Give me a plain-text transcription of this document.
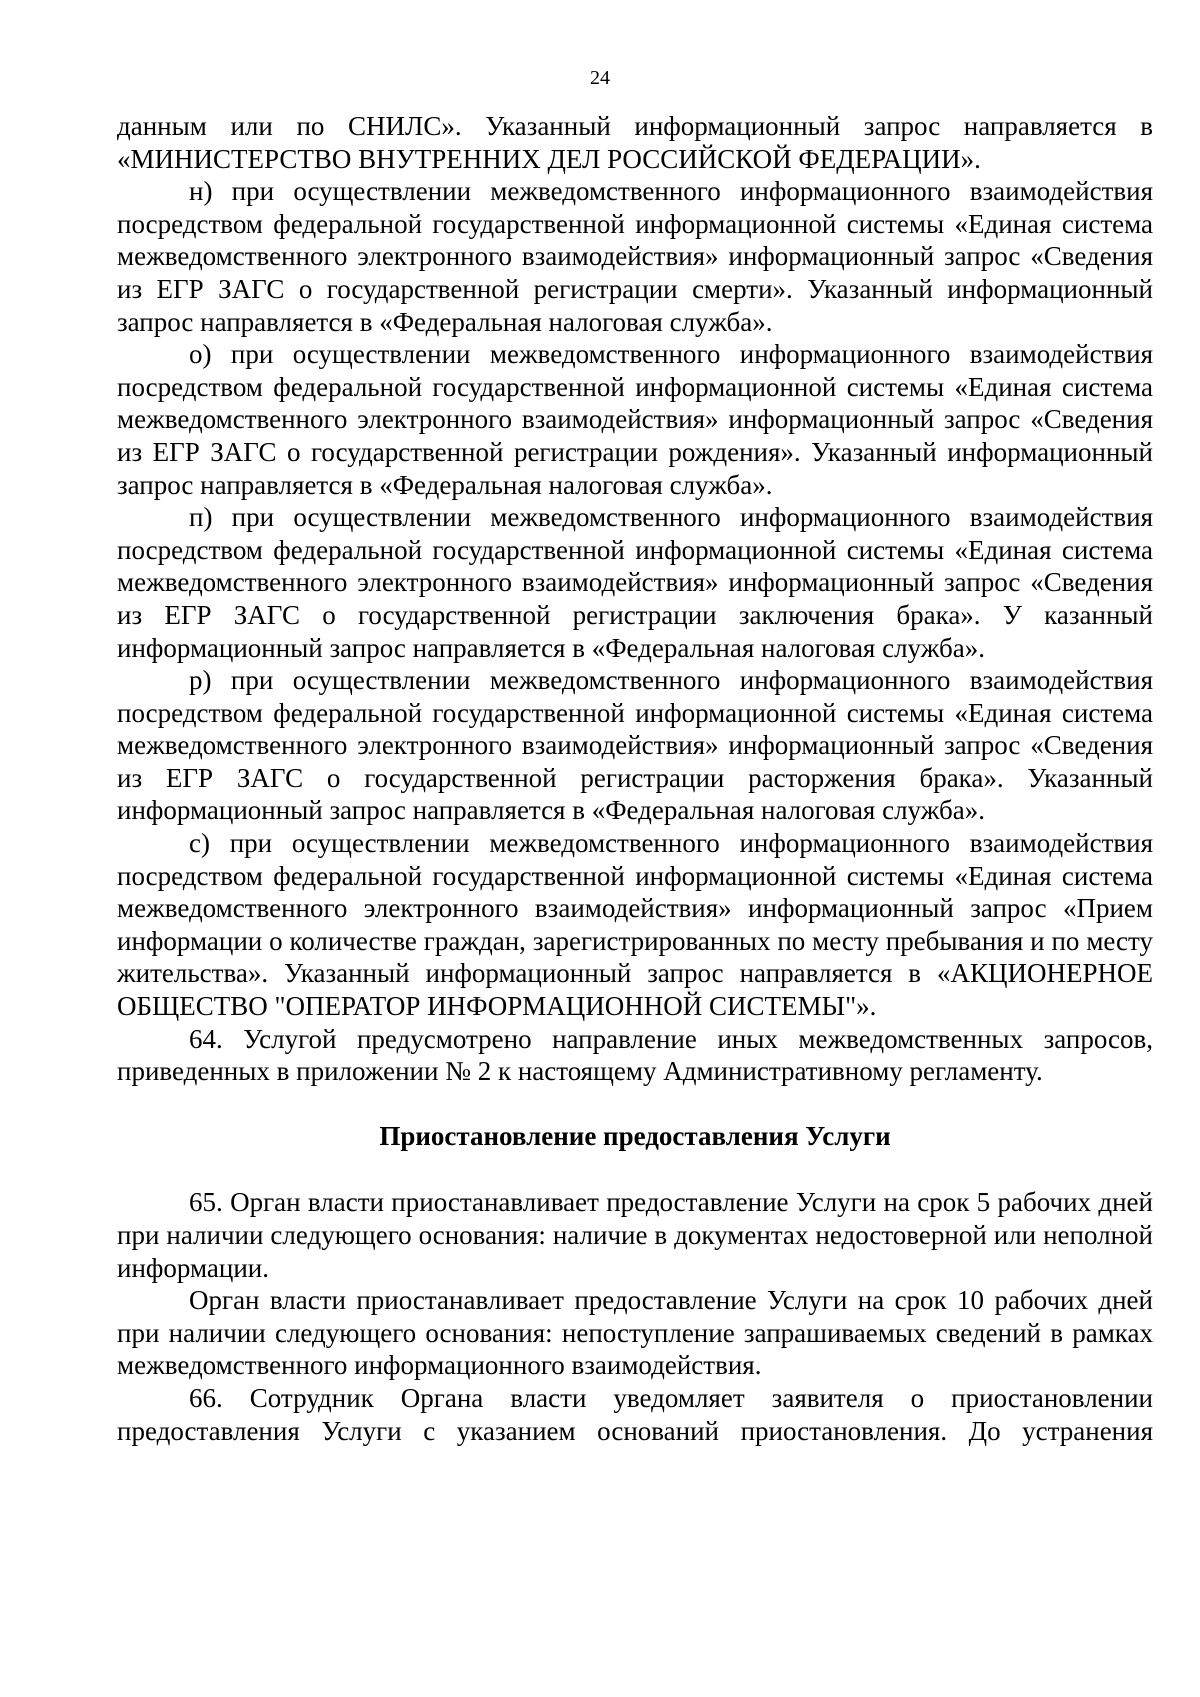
24

данным или по СНИЛС». Указанный информационный запрос направляется в «МИНИСТЕРСТВО ВНУТРЕННИХ ДЕЛ РОССИЙСКОЙ ФЕДЕРАЦИИ».

н) при осуществлении межведомственного информационного взаимодействия посредством федеральной государственной информационной системы «Единая система межведомственного электронного взаимодействия» информационный запрос «Сведения из ЕГР ЗАГС о государственной регистрации смерти». Указанный информационный запрос направляется в «Федеральная налоговая служба».

о) при осуществлении межведомственного информационного взаимодействия посредством федеральной государственной информационной системы «Единая система межведомственного электронного взаимодействия» информационный запрос «Сведения из ЕГР ЗАГС о государственной регистрации рождения». Указанный информационный запрос направляется в «Федеральная налоговая служба».

п) при осуществлении межведомственного информационного взаимодействия посредством федеральной государственной информационной системы «Единая система межведомственного электронного взаимодействия» информационный запрос «Сведения из ЕГР ЗАГС о государственной регистрации заключения брака». У казанный информационный запрос направляется в «Федеральная налоговая служба».

р) при осуществлении межведомственного информационного взаимодействия посредством федеральной государственной информационной системы «Единая система межведомственного электронного взаимодействия» информационный запрос «Сведения из ЕГР ЗАГС о государственной регистрации расторжения брака». Указанный информационный запрос направляется в «Федеральная налоговая служба».

с) при осуществлении межведомственного информационного взаимодействия посредством федеральной государственной информационной системы «Единая система межведомственного электронного взаимодействия» информационный запрос «Прием информации о количестве граждан, зарегистрированных по месту пребывания и по месту жительства». Указанный информационный запрос направляется в «АКЦИОНЕРНОЕ ОБЩЕСТВО "ОПЕРАТОР ИНФОРМАЦИОННОЙ СИСТЕМЫ"».

64. Услугой предусмотрено направление иных межведомственных запросов, приведенных в приложении № 2 к настоящему Административному регламенту.

Приостановление предоставления Услуги

65. Орган власти приостанавливает предоставление Услуги на срок 5 рабочих дней при наличии следующего основания: наличие в документах недостоверной или неполной информации.

Орган власти приостанавливает предоставление Услуги на срок 10 рабочих дней при наличии следующего основания: непоступление запрашиваемых сведений в рамках межведомственного информационного взаимодействия.

66. Сотрудник Органа власти уведомляет заявителя о приостановлении предоставления Услуги с указанием оснований приостановления. До устранения
